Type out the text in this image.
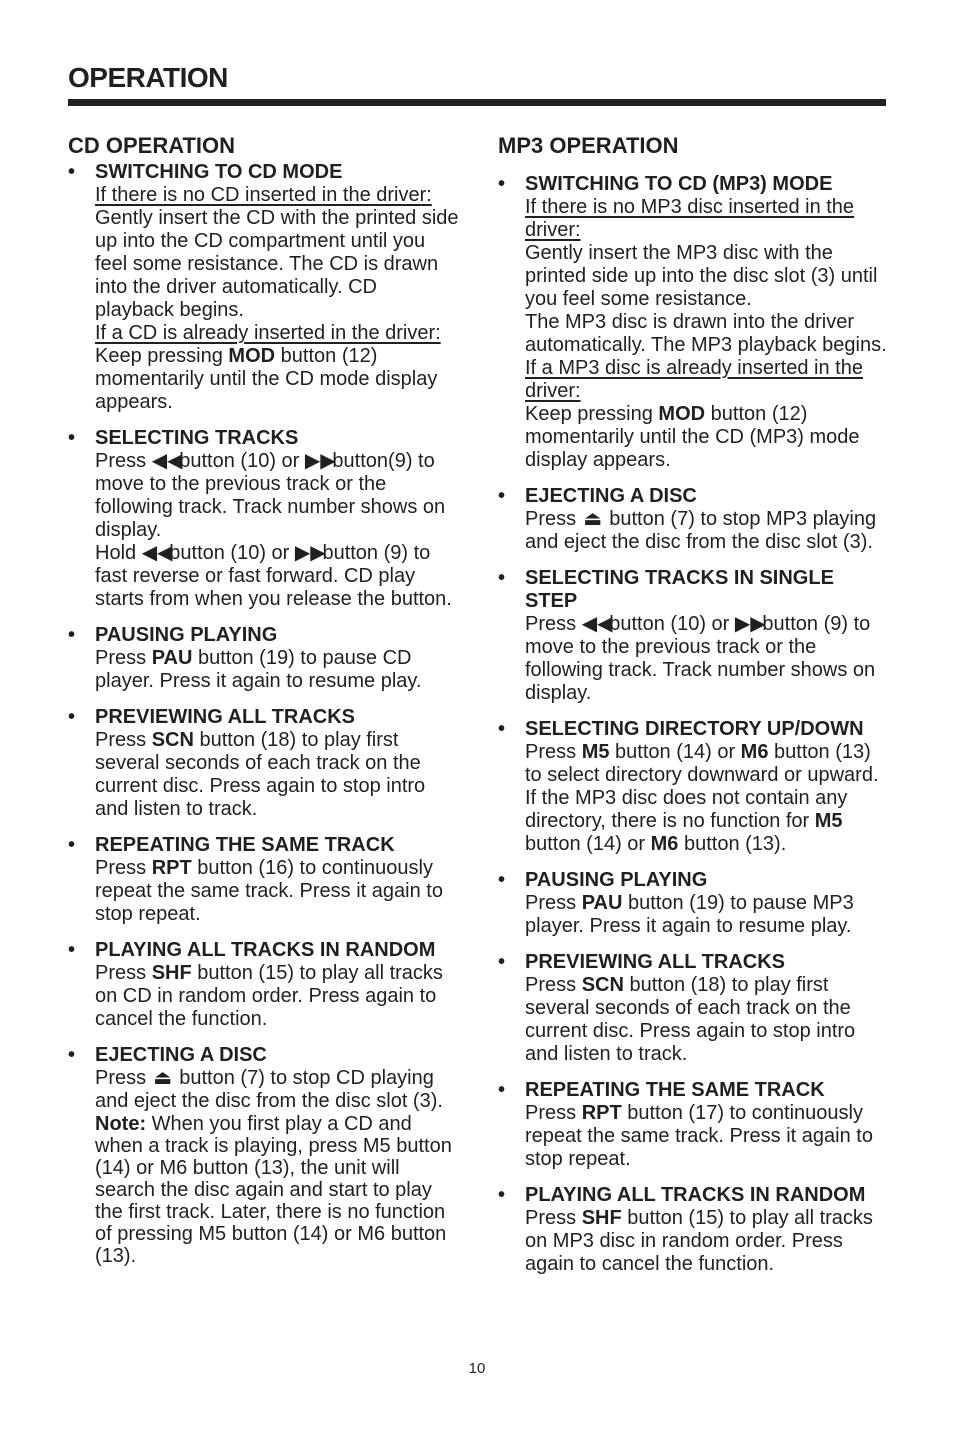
OPERATION
CD OPERATION
• SWITCHING TO CD MODE
If there is no CD inserted in the driver:
Gently insert the CD with the printed side up into the CD compartment until you feel some resistance. The CD is drawn into the driver automatically. CD playback begins.
If a CD is already inserted in the driver:
Keep pressing MOD button (12) momentarily until the CD mode display appears.
• SELECTING TRACKS
Press ◀◀ button (10) or ▶▶ button(9) to move to the previous track or the following track. Track number shows on display.
Hold ◀◀ button (10) or ▶▶ button (9) to fast reverse or fast forward. CD play starts from when you release the button.
• PAUSING PLAYING
Press PAU button (19) to pause CD player. Press it again to resume play.
• PREVIEWING ALL TRACKS
Press SCN button (18) to play first several seconds of each track on the current disc. Press again to stop intro and listen to track.
• REPEATING THE SAME TRACK
Press RPT button (16) to continuously repeat the same track. Press it again to stop repeat.
• PLAYING ALL TRACKS IN RANDOM
Press SHF button (15) to play all tracks on CD in random order. Press again to cancel the function.
• EJECTING A DISC
Press ⏏ button (7) to stop CD playing and eject the disc from the disc slot (3).
Note: When you first play a CD and when a track is playing, press M5 button (14) or M6 button (13), the unit will search the disc again and start to play the first track. Later, there is no function of pressing M5 button (14) or M6 button (13).
MP3 OPERATION
• SWITCHING TO CD (MP3) MODE
If there is no MP3 disc inserted in the driver:
Gently insert the MP3 disc with the printed side up into the disc slot (3) until you feel some resistance.
The MP3 disc is drawn into the driver automatically. The MP3 playback begins.
If a MP3 disc is already inserted in the driver:
Keep pressing MOD button (12) momentarily until the CD (MP3) mode display appears.
• EJECTING A DISC
Press ⏏ button (7) to stop MP3 playing and eject the disc from the disc slot (3).
• SELECTING TRACKS IN SINGLE STEP
Press ◀◀ button (10) or ▶▶ button (9) to move to the previous track or the following track. Track number shows on display.
• SELECTING DIRECTORY UP/DOWN
Press M5 button (14) or M6 button (13) to select directory downward or upward.
If the MP3 disc does not contain any directory, there is no function for M5 button (14) or M6 button (13).
• PAUSING PLAYING
Press PAU button (19) to pause MP3 player. Press it again to resume play.
• PREVIEWING ALL TRACKS
Press SCN button (18) to play first several seconds of each track on the current disc. Press again to stop intro and listen to track.
• REPEATING THE SAME TRACK
Press RPT button (17) to continuously repeat the same track. Press it again to stop repeat.
• PLAYING ALL TRACKS IN RANDOM
Press SHF button (15) to play all tracks on MP3 disc in random order. Press again to cancel the function.
10
